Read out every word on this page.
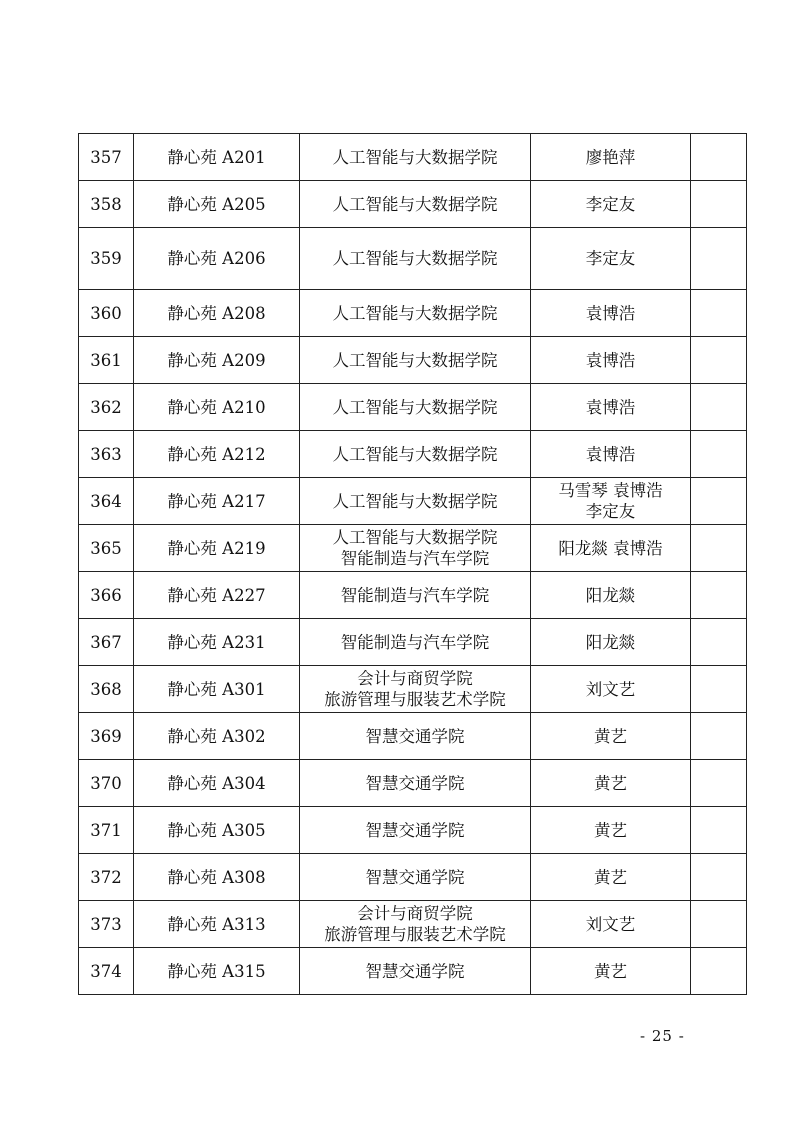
357	静心苑 A201	人工智能与大数据学院	廖艳萍	

358	静心苑 A205	人工智能与大数据学院	李定友	

359	静心苑 A206	人工智能与大数据学院	李定友	

360	静心苑 A208	人工智能与大数据学院	袁博浩	

361	静心苑 A209	人工智能与大数据学院	袁博浩	

362	静心苑 A210	人工智能与大数据学院	袁博浩	

363	静心苑 A212	人工智能与大数据学院	袁博浩	

364	静心苑 A217	人工智能与大数据学院	马雪琴 袁博浩
李定友	

365	静心苑 A219	人工智能与大数据学院
智能制造与汽车学院	阳龙燚 袁博浩	

366	静心苑 A227	智能制造与汽车学院	阳龙燚	

367	静心苑 A231	智能制造与汽车学院	阳龙燚	

368	静心苑 A301	会计与商贸学院
旅游管理与服装艺术学院	刘文艺	

369	静心苑 A302	智慧交通学院	黄艺	

370	静心苑 A304	智慧交通学院	黄艺	

371	静心苑 A305	智慧交通学院	黄艺	

372	静心苑 A308	智慧交通学院	黄艺	

373	静心苑 A313	会计与商贸学院
旅游管理与服装艺术学院	刘文艺	

374	静心苑 A315	智慧交通学院	黄艺	

- 25 -
